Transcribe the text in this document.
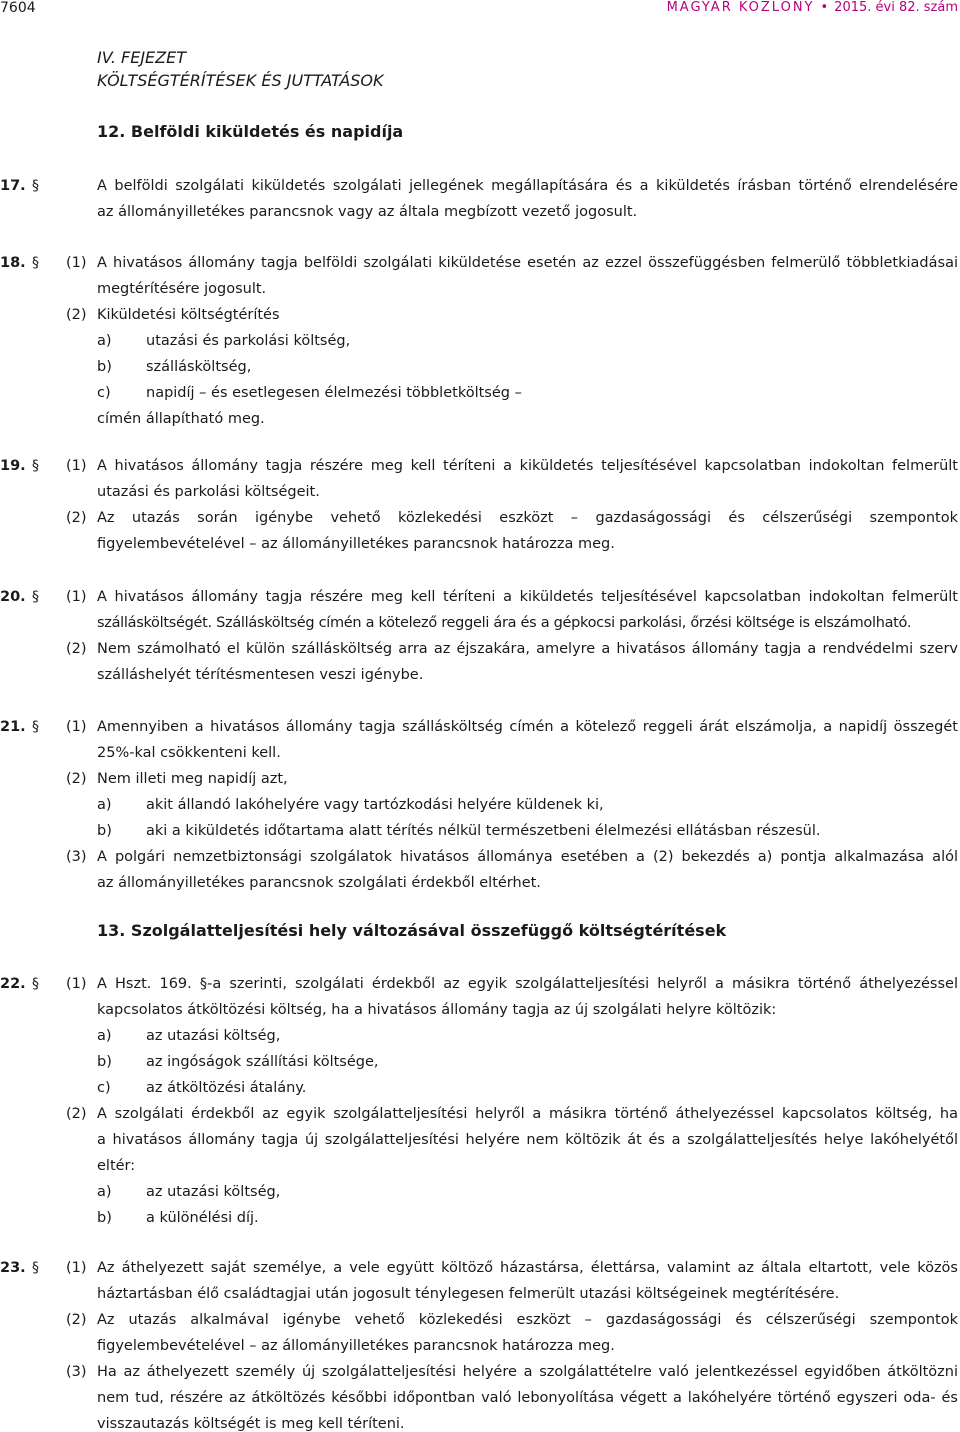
7604	MAGYAR KÖZLÖNY • 2015. évi 82. szám
IV. FEJEZET
KÖLTSÉGTÉRÍTÉSEK ÉS JUTTATÁSOK
12. Belföldi kiküldetés és napidíja
17. §	A belföldi szolgálati kiküldetés szolgálati jellegének megállapítására és a kiküldetés írásban történő elrendelésére
az állományilletékes parancsnok vagy az általa megbízott vezető jogosult.
18. § (1) A hivatásos állomány tagja belföldi szolgálati kiküldetése esetén az ezzel összefüggésben felmerülő többletkiadásai
megtérítésére jogosult.
(2) Kiküldetési költségtérítés
a) utazási és parkolási költség,
b) szállásköltség,
c) napidíj – és esetlegesen élelmezési többletköltség –
címén állapítható meg.
19. § (1) A hivatásos állomány tagja részére meg kell téríteni a kiküldetés teljesítésével kapcsolatban indokoltan felmerült
utazási és parkolási költségeit.
(2) Az utazás során igénybe vehető közlekedési eszközt – gazdaságossági és célszerűségi szempontok
figyelembevételével – az állományilletékes parancsnok határozza meg.
20. § (1) A hivatásos állomány tagja részére meg kell téríteni a kiküldetés teljesítésével kapcsolatban indokoltan felmerült
szállásköltségét. Szállásköltség címén a kötelező reggeli ára és a gépkocsi parkolási, őrzési költsége is elszámolható.
(2) Nem számolható el külön szállásköltség arra az éjszakára, amelyre a hivatásos állomány tagja a rendvédelmi szerv
szálláshelyét térítésmentesen veszi igénybe.
21. § (1) Amennyiben a hivatásos állomány tagja szállásköltség címén a kötelező reggeli árát elszámolja, a napidíj összegét
25%-kal csökkenteni kell.
(2) Nem illeti meg napidíj azt,
a) akit állandó lakóhelyére vagy tartózkodási helyére küldenek ki,
b) aki a kiküldetés időtartama alatt térítés nélkül természetbeni élelmezési ellátásban részesül.
(3) A polgári nemzetbiztonsági szolgálatok hivatásos állománya esetében a (2) bekezdés a) pontja alkalmazása alól
az állományilletékes parancsnok szolgálati érdekből eltérhet.
13. Szolgálatteljesítési hely változásával összefüggő költségtérítések
22. § (1) A Hszt. 169. §-a szerinti, szolgálati érdekből az egyik szolgálatteljesítési helyről a másikra történő áthelyezéssel
kapcsolatos átköltözési költség, ha a hivatásos állomány tagja az új szolgálati helyre költözik:
a) az utazási költség,
b) az ingóságok szállítási költsége,
c) az átköltözési átalány.
(2) A szolgálati érdekből az egyik szolgálatteljesítési helyről a másikra történő áthelyezéssel kapcsolatos költség, ha
a hivatásos állomány tagja új szolgálatteljesítési helyére nem költözik át és a szolgálatteljesítés helye lakóhelyétől
eltér:
a) az utazási költség,
b) a különélési díj.
23. § (1) Az áthelyezett saját személye, a vele együtt költöző házastársa, élettársa, valamint az általa eltartott, vele közös
háztartásban élő családtagjai után jogosult ténylegesen felmerült utazási költségeinek megtérítésére.
(2) Az utazás alkalmával igénybe vehető közlekedési eszközt – gazdaságossági és célszerűségi szempontok
figyelembevételével – az állományilletékes parancsnok határozza meg.
(3) Ha az áthelyezett személy új szolgálatteljesítési helyére a szolgálattételre való jelentkezéssel egyidőben átköltözni
nem tud, részére az átköltözés későbbi időpontban való lebonyolítása végett a lakóhelyére történő egyszeri oda- és
visszautazás költségét is meg kell téríteni.
